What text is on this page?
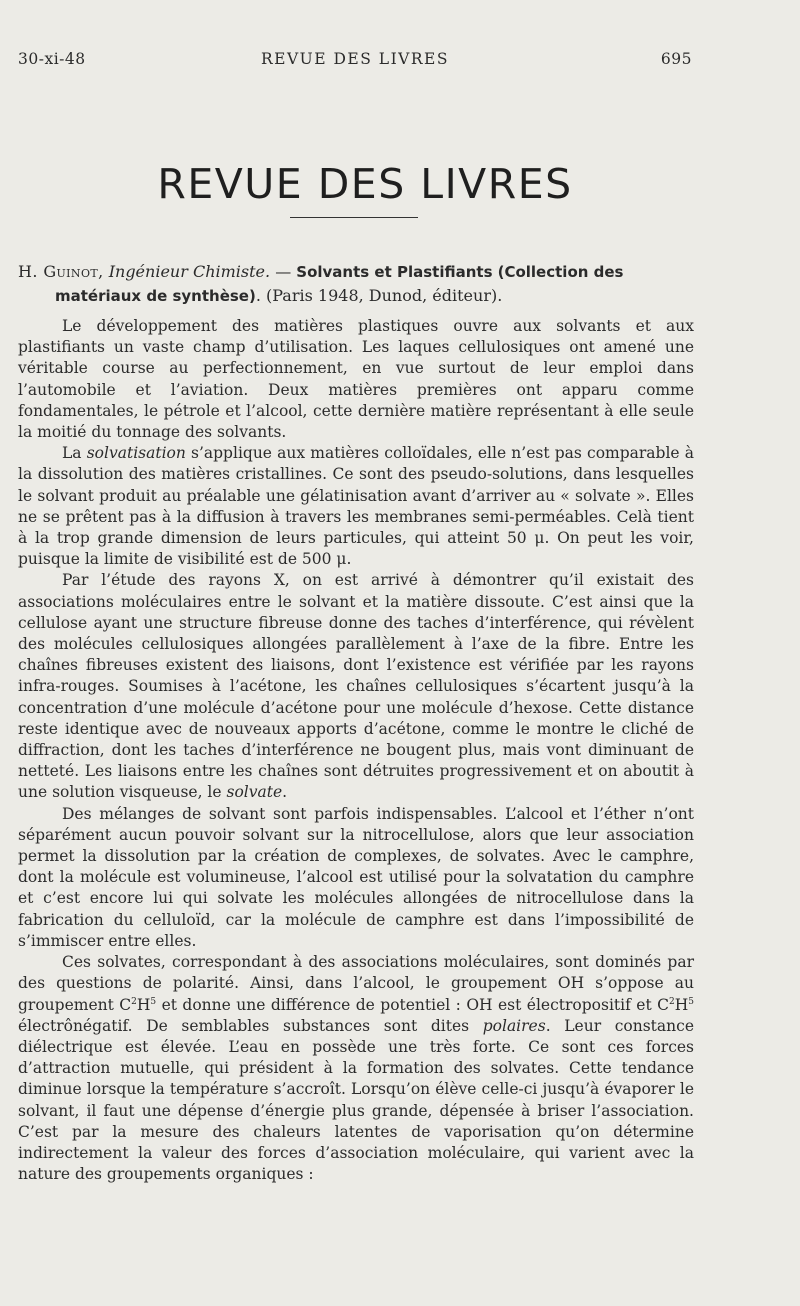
30-xi-48	REVUE DES LIVRES	695
REVUE DES LIVRES
H. Guinot, Ingénieur Chimiste. — Solvants et Plastifiants (Collection des matériaux de synthèse). (Paris 1948, Dunod, éditeur).

Le développement des matières plastiques ouvre aux solvants et aux plastifiants un vaste champ d’utilisation. Les laques cellulosiques ont amené une véritable course au perfectionnement, en vue surtout de leur emploi dans l’automobile et l’aviation. Deux matières premières ont apparu comme fondamentales, le pétrole et l’alcool, cette dernière matière représentant à elle seule la moitié du tonnage des solvants.

La solvatisation s’applique aux matières colloïdales, elle n’est pas comparable à la dissolution des matières cristallines. Ce sont des pseudo-solutions, dans lesquelles le solvant produit au préalable une gélatinisation avant d’arriver au « solvate ». Elles ne se prêtent pas à la diffusion à travers les membranes semi-perméables. Celà tient à la trop grande dimension de leurs particules, qui atteint 50 μ. On peut les voir, puisque la limite de visibilité est de 500 μ.

Par l’étude des rayons X, on est arrivé à démontrer qu’il existait des associations moléculaires entre le solvant et la matière dissoute. C’est ainsi que la cellulose ayant une structure fibreuse donne des taches d’interférence, qui révèlent des molécules cellulosiques allongées parallèlement à l’axe de la fibre. Entre les chaînes fibreuses existent des liaisons, dont l’existence est vérifiée par les rayons infra-rouges. Soumises à l’acétone, les chaînes cellulosiques s’écartent jusqu’à la concentration d’une molécule d’acétone pour une molécule d’hexose. Cette distance reste identique avec de nouveaux apports d’acétone, comme le montre le cliché de diffraction, dont les taches d’interférence ne bougent plus, mais vont diminuant de netteté. Les liaisons entre les chaînes sont détruites progressivement et on aboutit à une solution visqueuse, le solvate.

Des mélanges de solvant sont parfois indispensables. L’alcool et l’éther n’ont séparément aucun pouvoir solvant sur la nitrocellulose, alors que leur association permet la dissolution par la création de complexes, de solvates. Avec le camphre, dont la molécule est volumineuse, l’alcool est utilisé pour la solvatation du camphre et c’est encore lui qui solvate les molécules allongées de nitrocellulose dans la fabrication du celluloïd, car la molécule de camphre est dans l’impossibilité de s’immiscer entre elles.

Ces solvates, correspondant à des associations moléculaires, sont dominés par des questions de polarité. Ainsi, dans l’alcool, le groupement OH s’oppose au groupement $C^2H^5$ et donne une différence de potentiel : OH est électropositif et $C^2H^5$ électrônégatif. De semblables substances sont dites polaires. Leur constance diélectrique est élevée. L’eau en possède une très forte. Ce sont ces forces d’attraction mutuelle, qui président à la formation des solvates. Cette tendance diminue lorsque la température s’accroît. Lorsqu’on élève celle-ci jusqu’à évaporer le solvant, il faut une dépense d’énergie plus grande, dépensée à briser l’association. C’est par la mesure des chaleurs latentes de vaporisation qu’on détermine indirectement la valeur des forces d’association moléculaire, qui varient avec la nature des groupements organiques :
